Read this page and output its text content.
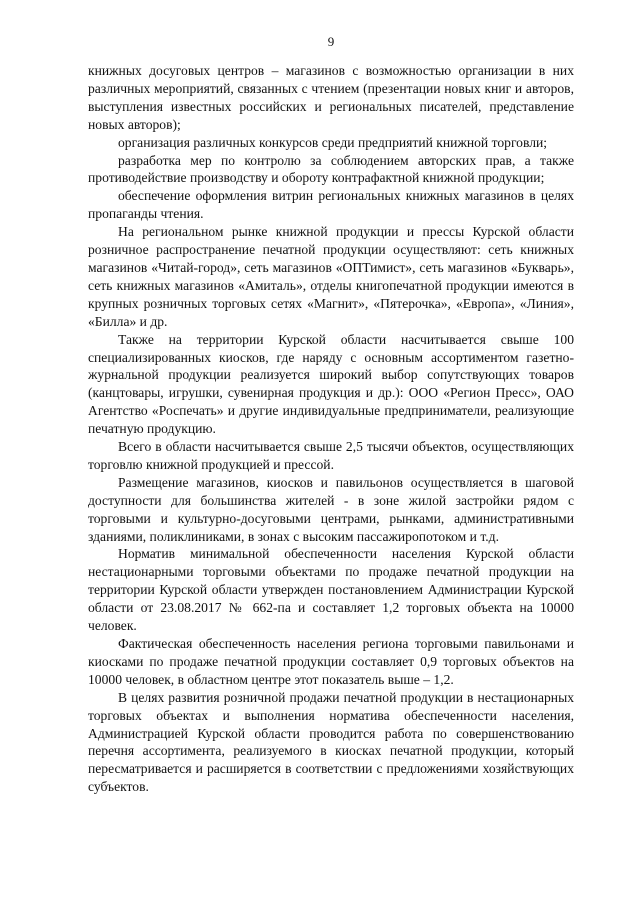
9

книжных досуговых центров – магазинов с возможностью организации в них различных мероприятий, связанных с чтением (презентации новых книг и авторов, выступления известных российских и региональных писателей, представление новых авторов);

организация различных конкурсов среди предприятий книжной торговли;

разработка мер по контролю за соблюдением авторских прав, а также противодействие производству и обороту контрафактной книжной продукции;

обеспечение оформления витрин региональных книжных магазинов в целях пропаганды чтения.

На региональном рынке книжной продукции и прессы Курской области розничное распространение печатной продукции осуществляют: сеть книжных магазинов «Читай-город», сеть магазинов «ОПТимист», сеть магазинов «Букварь», сеть книжных магазинов «Амиталь», отделы книгопечатной продукции имеются в крупных розничных торговых сетях «Магнит», «Пятерочка», «Европа», «Линия», «Билла» и др.

Также на территории Курской области насчитывается свыше 100 специализированных киосков, где наряду с основным ассортиментом газетно-журнальной продукции реализуется широкий выбор сопутствующих товаров (канцтовары, игрушки, сувенирная продукция и др.): ООО «Регион Пресс», ОАО Агентство «Роспечать» и другие индивидуальные предприниматели, реализующие печатную продукцию.

Всего в области насчитывается свыше 2,5 тысячи объектов, осуществляющих торговлю книжной продукцией и прессой.

Размещение магазинов, киосков и павильонов осуществляется в шаговой доступности для большинства жителей - в зоне жилой застройки рядом с торговыми и культурно-досуговыми центрами, рынками, административными зданиями, поликлиниками, в зонах с высоким пассажиропотоком и т.д.

Норматив минимальной обеспеченности населения Курской области нестационарными торговыми объектами по продаже печатной продукции на территории Курской области утвержден постановлением Администрации Курской области от 23.08.2017 № 662-па и составляет 1,2 торговых объекта на 10000 человек.

Фактическая обеспеченность населения региона торговыми павильонами и киосками по продаже печатной продукции составляет 0,9 торговых объектов на 10000 человек, в областном центре этот показатель выше – 1,2.

В целях развития розничной продажи печатной продукции в нестационарных торговых объектах и выполнения норматива обеспеченности населения, Администрацией Курской области проводится работа по совершенствованию перечня ассортимента, реализуемого в киосках печатной продукции, который пересматривается и расширяется в соответствии с предложениями хозяйствующих субъектов.
